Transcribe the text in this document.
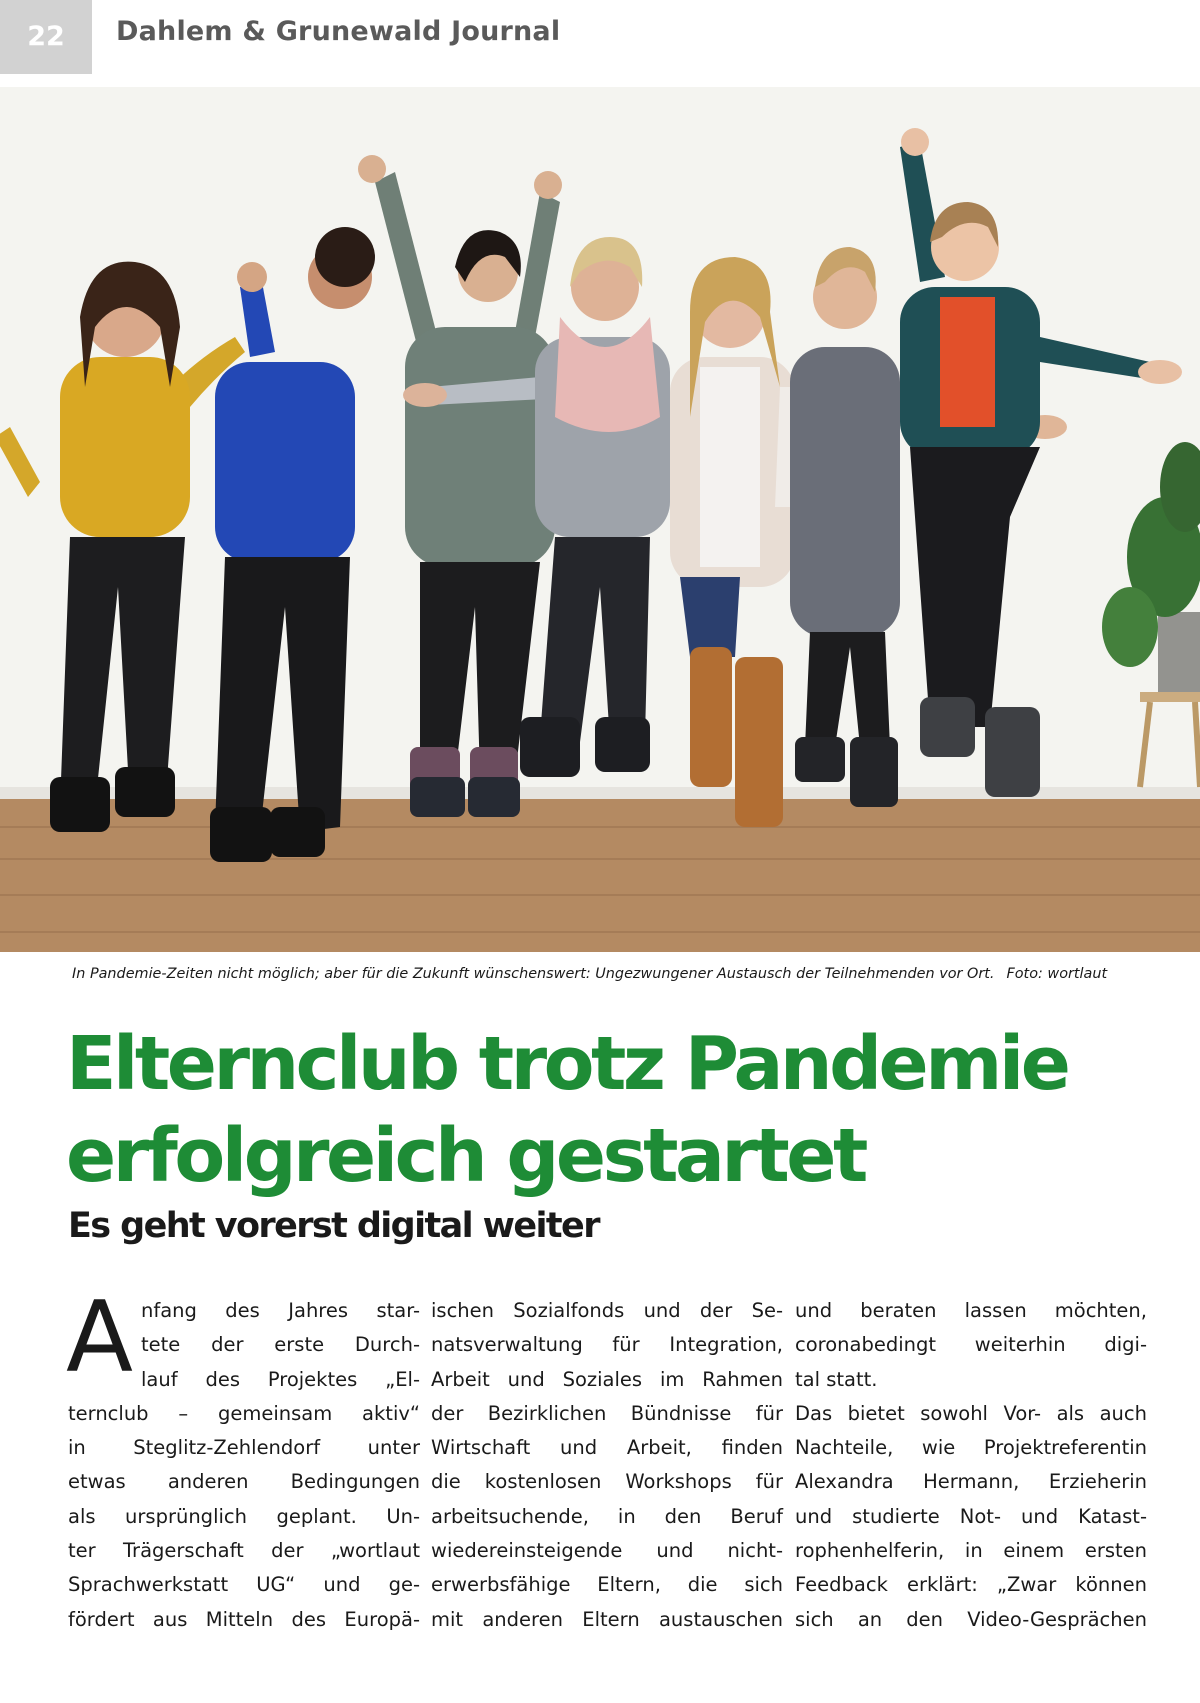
22	Dahlem & Grunewald Journal
In Pandemie-Zeiten nicht möglich; aber für die Zukunft wünschenswert: Ungezwungener Austausch der Teilnehmenden vor Ort. Foto: wortlaut
Elternclub trotz Pandemie
erfolgreich gestartet
Es geht vorerst digital weiter
A nfang des Jahres star-
tete der erste Durch-
lauf des Projektes „El-
ternclub – gemeinsam aktiv“
in Steglitz-Zehlendorf unter
etwas anderen Bedingungen
als ursprünglich geplant. Un-
ter Trägerschaft der „wortlaut
Sprachwerkstatt UG“ und ge-
fördert aus Mitteln des Europä-
ischen Sozialfonds und der Se-
natsverwaltung für Integration,
Arbeit und Soziales im Rahmen
der Bezirklichen Bündnisse für
Wirtschaft und Arbeit, finden
die kostenlosen Workshops für
arbeitsuchende, in den Beruf
wiedereinsteigende und nicht-
erwerbsfähige Eltern, die sich
mit anderen Eltern austauschen
und beraten lassen möchten,
coronabedingt weiterhin digi-
tal statt.
Das bietet sowohl Vor- als auch
Nachteile, wie Projektreferentin
Alexandra Hermann, Erzieherin
und studierte Not- und Katast-
rophenhelferin, in einem ersten
Feedback erklärt: „Zwar können
sich an den Video-Gesprächen
